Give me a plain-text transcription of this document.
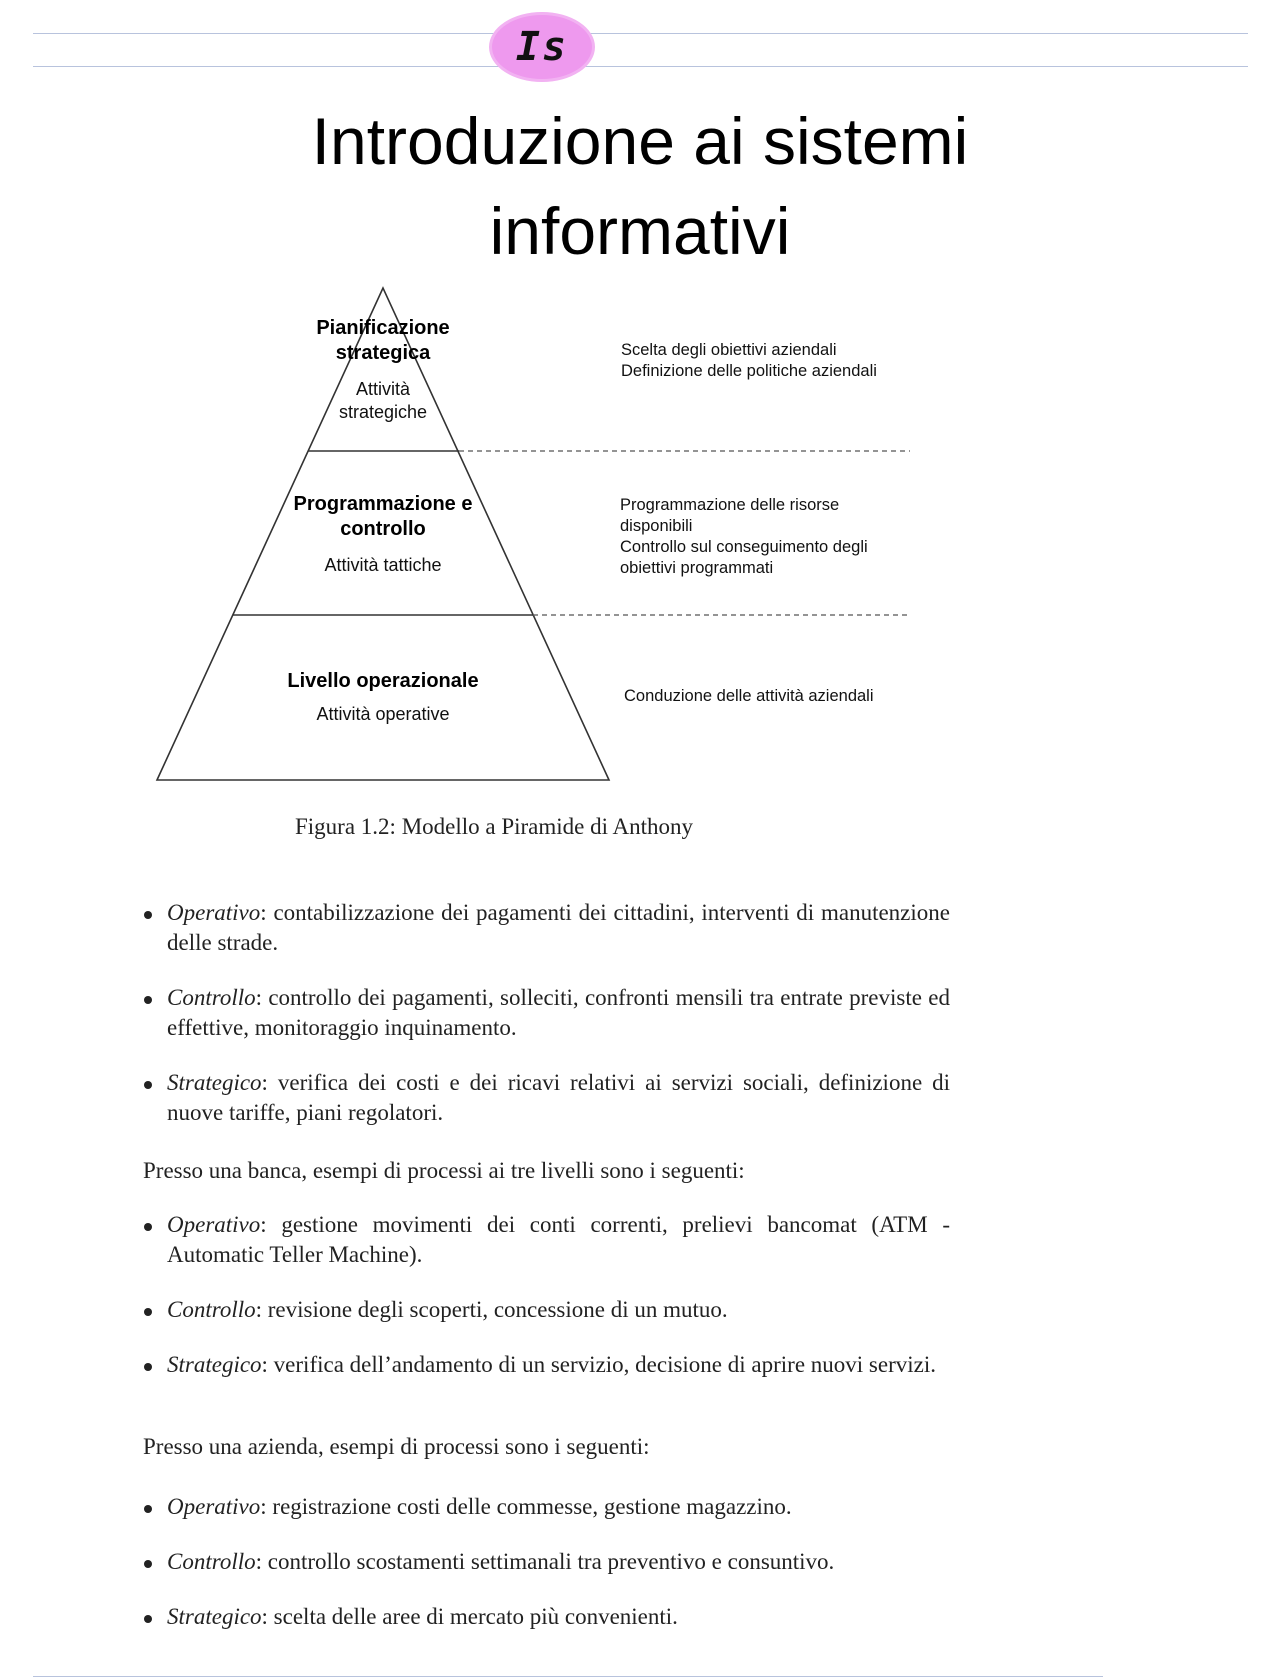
Is
Introduzione ai sistemi
informativi
Pianificazione
strategica
Attività
strategiche
Scelta degli obiettivi aziendali
Definizione delle politiche aziendali
Programmazione e
controllo
Attività tattiche
Programmazione delle risorse
disponibili
Controllo sul conseguimento degli
obiettivi programmati
Livello operazionale
Attività operative
Conduzione delle attività aziendali
Figura 1.2: Modello a Piramide di Anthony
Operativo: contabilizzazione dei pagamenti dei cittadini, interventi di manutenzione delle strade.
Controllo: controllo dei pagamenti, solleciti, confronti mensili tra entrate previste ed effettive, monitoraggio inquinamento.
Strategico: verifica dei costi e dei ricavi relativi ai servizi sociali, definizione di nuove tariffe, piani regolatori.

Presso una banca, esempi di processi ai tre livelli sono i seguenti:

Operativo: gestione movimenti dei conti correnti, prelievi bancomat (ATM - Automatic Teller Machine).
Controllo: revisione degli scoperti, concessione di un mutuo.
Strategico: verifica dell’andamento di un servizio, decisione di aprire nuovi servizi.

Presso una azienda, esempi di processi sono i seguenti:

Operativo: registrazione costi delle commesse, gestione magazzino.
Controllo: controllo scostamenti settimanali tra preventivo e consuntivo.
Strategico: scelta delle aree di mercato più convenienti.
